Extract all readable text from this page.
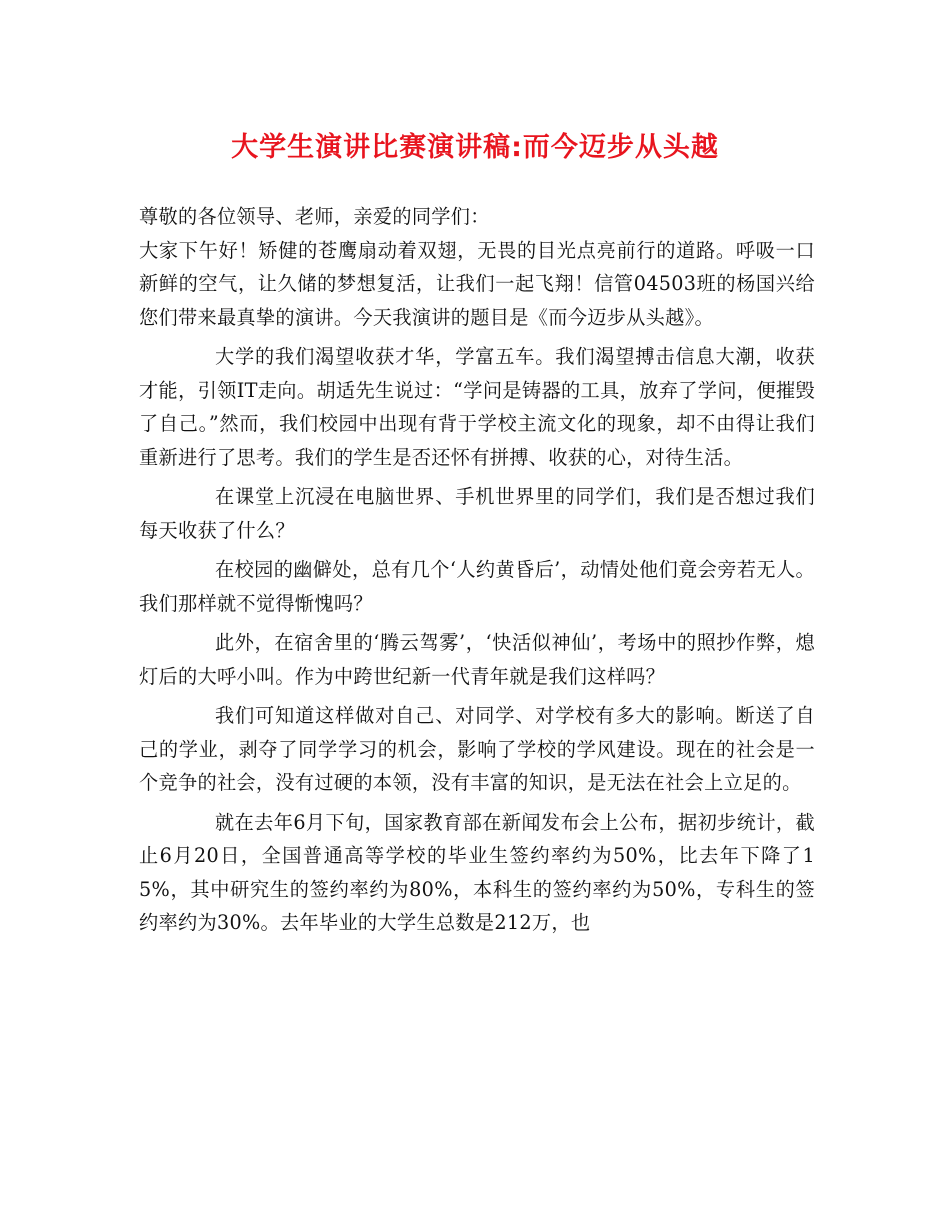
大学生演讲比赛演讲稿:而今迈步从头越

尊敬的各位领导、老师，亲爱的同学们：

大家下午好！矫健的苍鹰扇动着双翅，无畏的目光点亮前行的道路。呼吸一口新鲜的空气，让久储的梦想复活，让我们一起飞翔！信管04503班的杨国兴给您们带来最真挚的演讲。今天我演讲的题目是《而今迈步从头越》。

大学的我们渴望收获才华，学富五车。我们渴望搏击信息大潮，收获才能，引领IT走向。胡适先生说过：“学问是铸器的工具，放弃了学问，便摧毁了自己。”然而，我们校园中出现有背于学校主流文化的现象，却不由得让我们重新进行了思考。我们的学生是否还怀有拼搏、收获的心，对待生活。

在课堂上沉浸在电脑世界、手机世界里的同学们，我们是否想过我们每天收获了什么？

在校园的幽僻处，总有几个‘人约黄昏后’，动情处他们竟会旁若无人。我们那样就不觉得惭愧吗？

此外，在宿舍里的‘腾云驾雾’，‘快活似神仙’，考场中的照抄作弊，熄灯后的大呼小叫。作为中跨世纪新一代青年就是我们这样吗？

我们可知道这样做对自己、对同学、对学校有多大的影响。断送了自己的学业，剥夺了同学学习的机会，影响了学校的学风建设。现在的社会是一个竞争的社会，没有过硬的本领，没有丰富的知识，是无法在社会上立足的。

就在去年6月下旬，国家教育部在新闻发布会上公布，据初步统计，截止6月20日，全国普通高等学校的毕业生签约率约为50%，比去年下降了15%，其中研究生的签约率约为80%，本科生的签约率约为50%，专科生的签约率约为30%。去年毕业的大学生总数是212万，也
